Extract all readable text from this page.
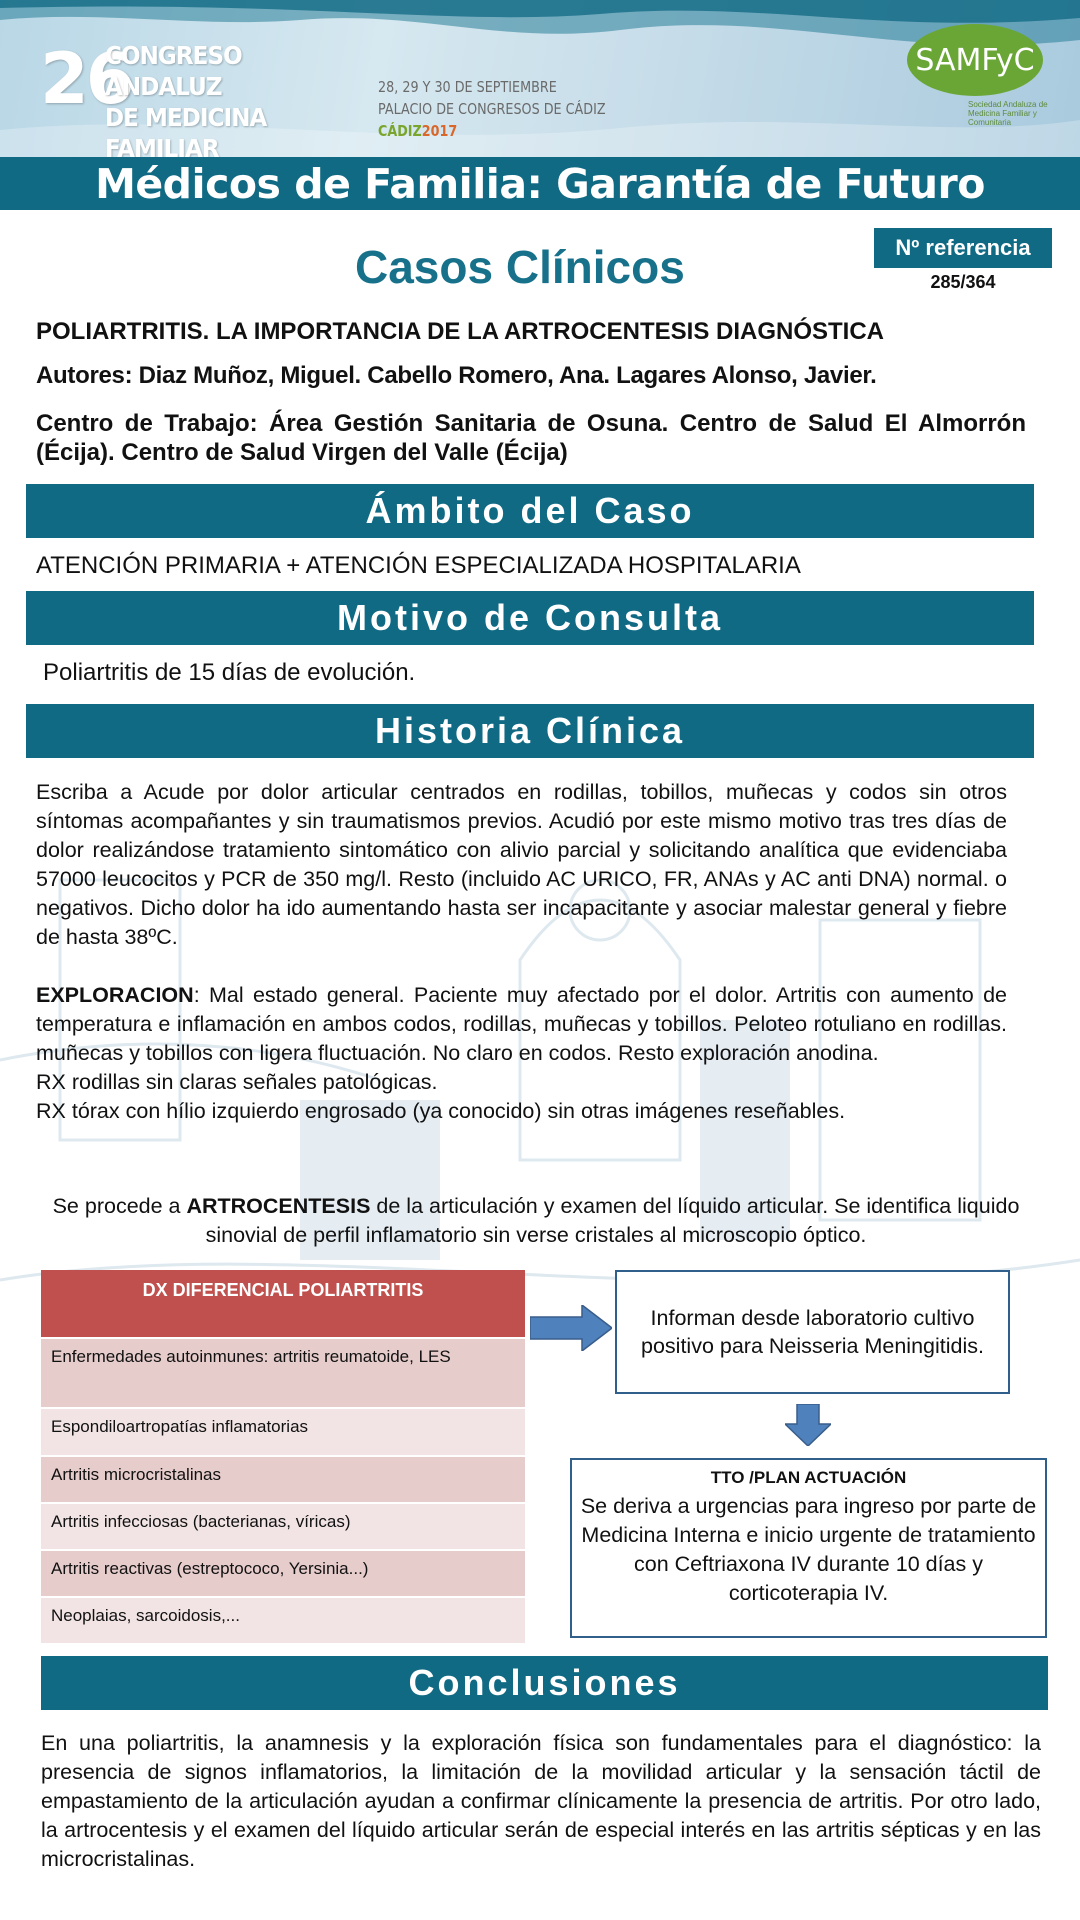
26
CONGRESO ANDALUZ
DE MEDICINA FAMILIAR
28, 29 Y 30 DE SEPTIEMBRE
PALACIO DE CONGRESOS DE CÁDIZ
CÁDIZ2017
SAMFyC
Sociedad Andaluza de Medicina Familiar y Comunitaria
Médicos de Familia: Garantía de Futuro
Casos Clínicos	Nº referencia
285/364
POLIARTRITIS. LA IMPORTANCIA DE LA ARTROCENTESIS DIAGNÓSTICA
Autores: Diaz Muñoz, Miguel. Cabello Romero, Ana. Lagares Alonso, Javier.
Centro de Trabajo: Área Gestión Sanitaria de Osuna. Centro de Salud El Almorrón (Écija). Centro de Salud Virgen del Valle (Écija)
Ámbito del Caso
ATENCIÓN PRIMARIA + ATENCIÓN ESPECIALIZADA HOSPITALARIA
Motivo de Consulta
Poliartritis de 15 días de evolución.
Historia Clínica

Escriba a Acude por dolor articular centrados en rodillas, tobillos, muñecas y codos sin otros síntomas acompañantes y sin traumatismos previos. Acudió por este mismo motivo tras tres días de dolor realizándose tratamiento sintomático con alivio parcial y solicitando analítica que evidenciaba 57000 leucocitos y PCR de 350 mg/l. Resto (incluido AC URICO, FR, ANAs y AC anti DNA) normal. o negativos. Dicho dolor ha ido aumentando hasta ser incapacitante y asociar malestar general y fiebre de hasta 38ºC.

EXPLORACION: Mal estado general. Paciente muy afectado por el dolor. Artritis con aumento de temperatura e inflamación en ambos codos, rodillas, muñecas y tobillos. Peloteo rotuliano en rodillas. muñecas y tobillos con ligera fluctuación. No claro en codos. Resto exploración anodina.

RX rodillas sin claras señales patológicas.

RX tórax con hílio izquierdo engrosado (ya conocido) sin otras imágenes reseñables.

Se procede a ARTROCENTESIS de la articulación y examen del líquido articular. Se identifica liquido sinovial de perfil inflamatorio sin verse cristales al microscopio óptico.
DX DIFERENCIAL POLIARTRITIS
Enfermedades autoinmunes: artritis reumatoide, LES
Espondiloartropatías inflamatorias
Artritis microcristalinas
Artritis infecciosas (bacterianas, víricas)
Artritis reactivas (estreptococo, Yersinia...)
Neoplaias, sarcoidosis,...
Informan desde laboratorio cultivo positivo para Neisseria Meningitidis.
TTO /PLAN ACTUACIÓN
Se deriva a urgencias para ingreso por parte de Medicina Interna e inicio urgente de tratamiento con Ceftriaxona IV durante 10 días y corticoterapia IV.
Conclusiones
En una poliartritis, la anamnesis y la exploración física son fundamentales para el diagnóstico: la presencia de signos inflamatorios, la limitación de la movilidad articular y la sensación táctil de empastamiento de la articulación ayudan a confirmar clínicamente la presencia de artritis. Por otro lado, la artrocentesis y el examen del líquido articular serán de especial interés en las artritis sépticas y en las microcristalinas.
